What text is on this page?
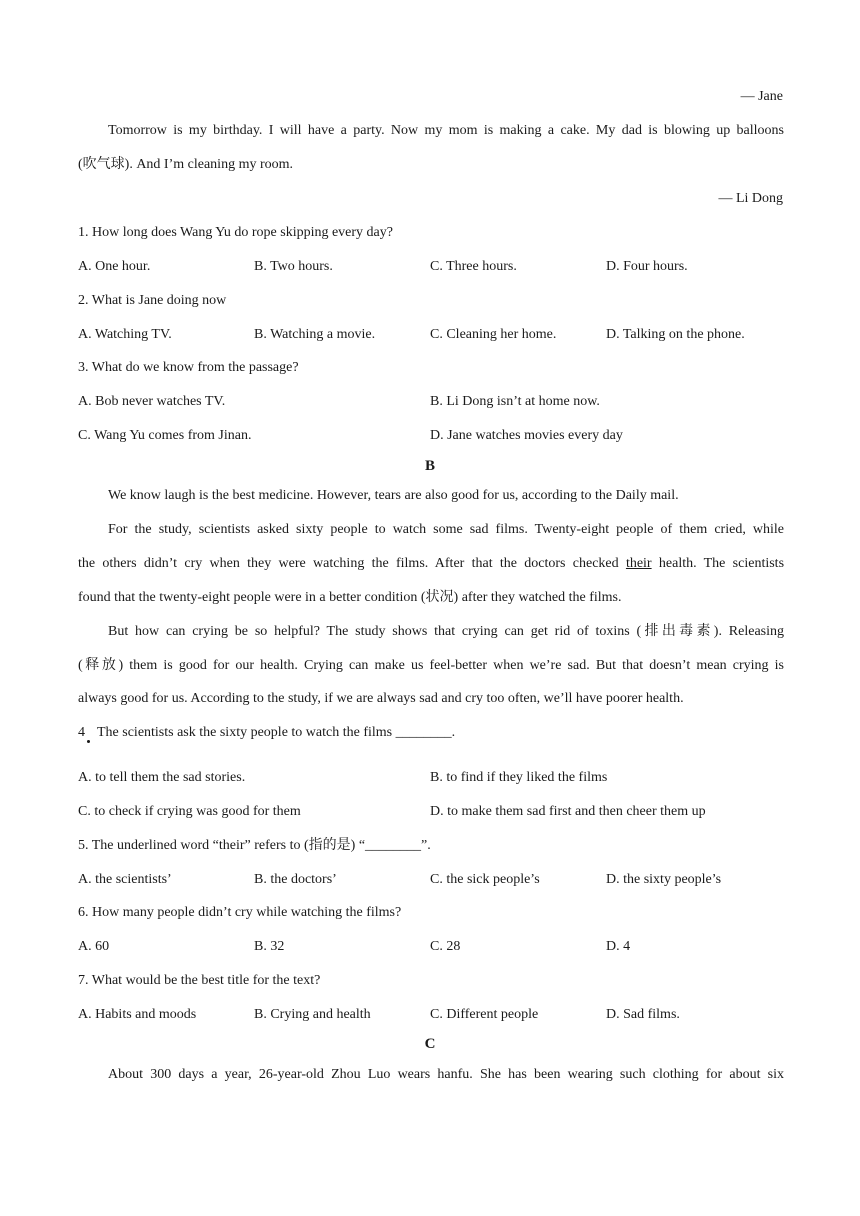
— Jane
Tomorrow is my birthday. I will have a party. Now my mom is making a cake. My dad is blowing up balloons
(吹气球). And I’m cleaning my room.
— Li Dong
1. How long does Wang Yu do rope skipping every day?
A. One hour.	B. Two hours.	C. Three hours.	D. Four hours.
2. What is Jane doing now
A. Watching TV.	B. Watching a movie.	C. Cleaning her home.	D. Talking on the phone.
3. What do we know from the passage?
A. Bob never watches TV.	B. Li Dong isn’t at home now.
C. Wang Yu comes from Jinan.	D. Jane watches movies every day
B
We know laugh is the best medicine. However, tears are also good for us, according to the Daily mail.
For the study, scientists asked sixty people to watch some sad films. Twenty-eight people of them cried, while
the others didn’t cry when they were watching the films. After that the doctors checked their health. The scientists
found that the twenty-eight people were in a better condition (状况) after they watched the films.
But how can crying be so helpful? The study shows that crying can get rid of toxins (排出毒素). Releasing
(释放) them is good for our health. Crying can make us feel-better when we’re sad. But that doesn’t mean crying is
always good for us. According to the study, if we are always sad and cry too often, we’ll have poorer health.
4 The scientists ask the sixty people to watch the films ________.
A. to tell them the sad stories.	B. to find if they liked the films
C. to check if crying was good for them	D. to make them sad first and then cheer them up
5. The underlined word “their” refers to (指的是) “________”.
A. the scientists’	B. the doctors’	C. the sick people’s	D. the sixty people’s
6. How many people didn’t cry while watching the films?
A. 60	B. 32	C. 28	D. 4
7. What would be the best title for the text?
A. Habits and moods	B. Crying and health	C. Different people	D. Sad films.
C
About 300 days a year, 26-year-old Zhou Luo wears hanfu. She has been wearing such clothing for about six
